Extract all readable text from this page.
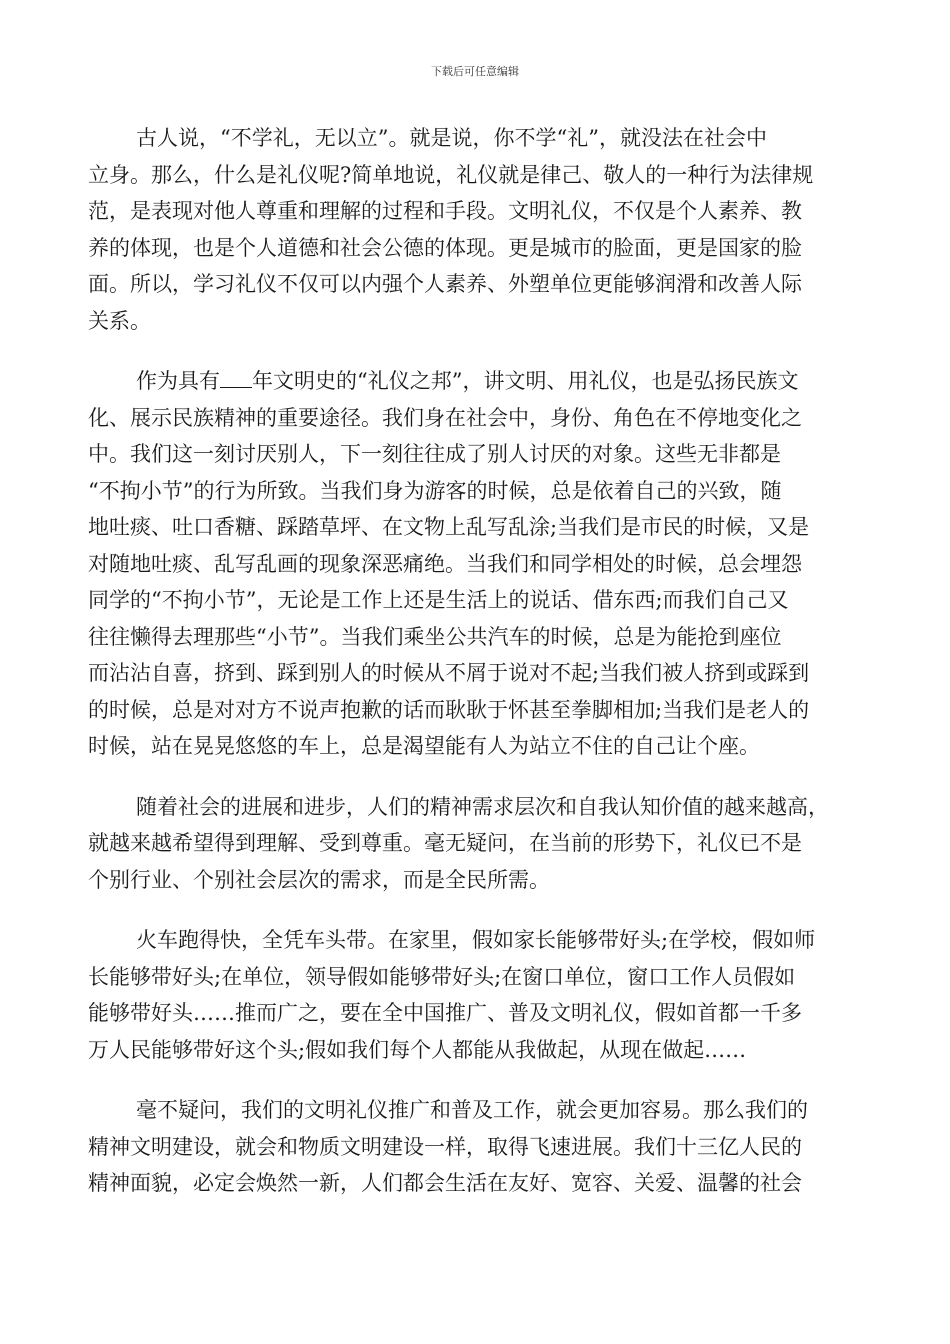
下载后可任意编辑
古人说，“不学礼，无以立”。就是说，你不学“礼”，就没法在社会中
立身。那么，什么是礼仪呢?简单地说，礼仪就是律己、敬人的一种行为法律规
范，是表现对他人尊重和理解的过程和手段。文明礼仪，不仅是个人素养、教
养的体现，也是个人道德和社会公德的体现。更是城市的脸面，更是国家的脸
面。所以，学习礼仪不仅可以内强个人素养、外塑单位更能够润滑和改善人际
关系。
作为具有 年文明史的“礼仪之邦”，讲文明、用礼仪，也是弘扬民族文
化、展示民族精神的重要途径。我们身在社会中，身份、角色在不停地变化之
中。我们这一刻讨厌别人，下一刻往往成了别人讨厌的对象。这些无非都是
“不拘小节”的行为所致。当我们身为游客的时候，总是依着自己的兴致，随
地吐痰、吐口香糖、踩踏草坪、在文物上乱写乱涂;当我们是市民的时候，又是
对随地吐痰、乱写乱画的现象深恶痛绝。当我们和同学相处的时候，总会埋怨
同学的“不拘小节”，无论是工作上还是生活上的说话、借东西;而我们自己又
往往懒得去理那些“小节”。当我们乘坐公共汽车的时候，总是为能抢到座位
而沾沾自喜，挤到、踩到别人的时候从不屑于说对不起;当我们被人挤到或踩到
的时候，总是对对方不说声抱歉的话而耿耿于怀甚至拳脚相加;当我们是老人的
时候，站在晃晃悠悠的车上，总是渴望能有人为站立不住的自己让个座。
随着社会的进展和进步，人们的精神需求层次和自我认知价值的越来越高，
就越来越希望得到理解、受到尊重。毫无疑问，在当前的形势下，礼仪已不是
个别行业、个别社会层次的需求，而是全民所需。
火车跑得快，全凭车头带。在家里，假如家长能够带好头;在学校，假如师
长能够带好头;在单位，领导假如能够带好头;在窗口单位，窗口工作人员假如
能够带好头……推而广之，要在全中国推广、普及文明礼仪，假如首都一千多
万人民能够带好这个头;假如我们每个人都能从我做起，从现在做起……
毫不疑问，我们的文明礼仪推广和普及工作，就会更加容易。那么我们的
精神文明建设，就会和物质文明建设一样，取得飞速进展。我们十三亿人民的
精神面貌，必定会焕然一新，人们都会生活在友好、宽容、关爱、温馨的社会
